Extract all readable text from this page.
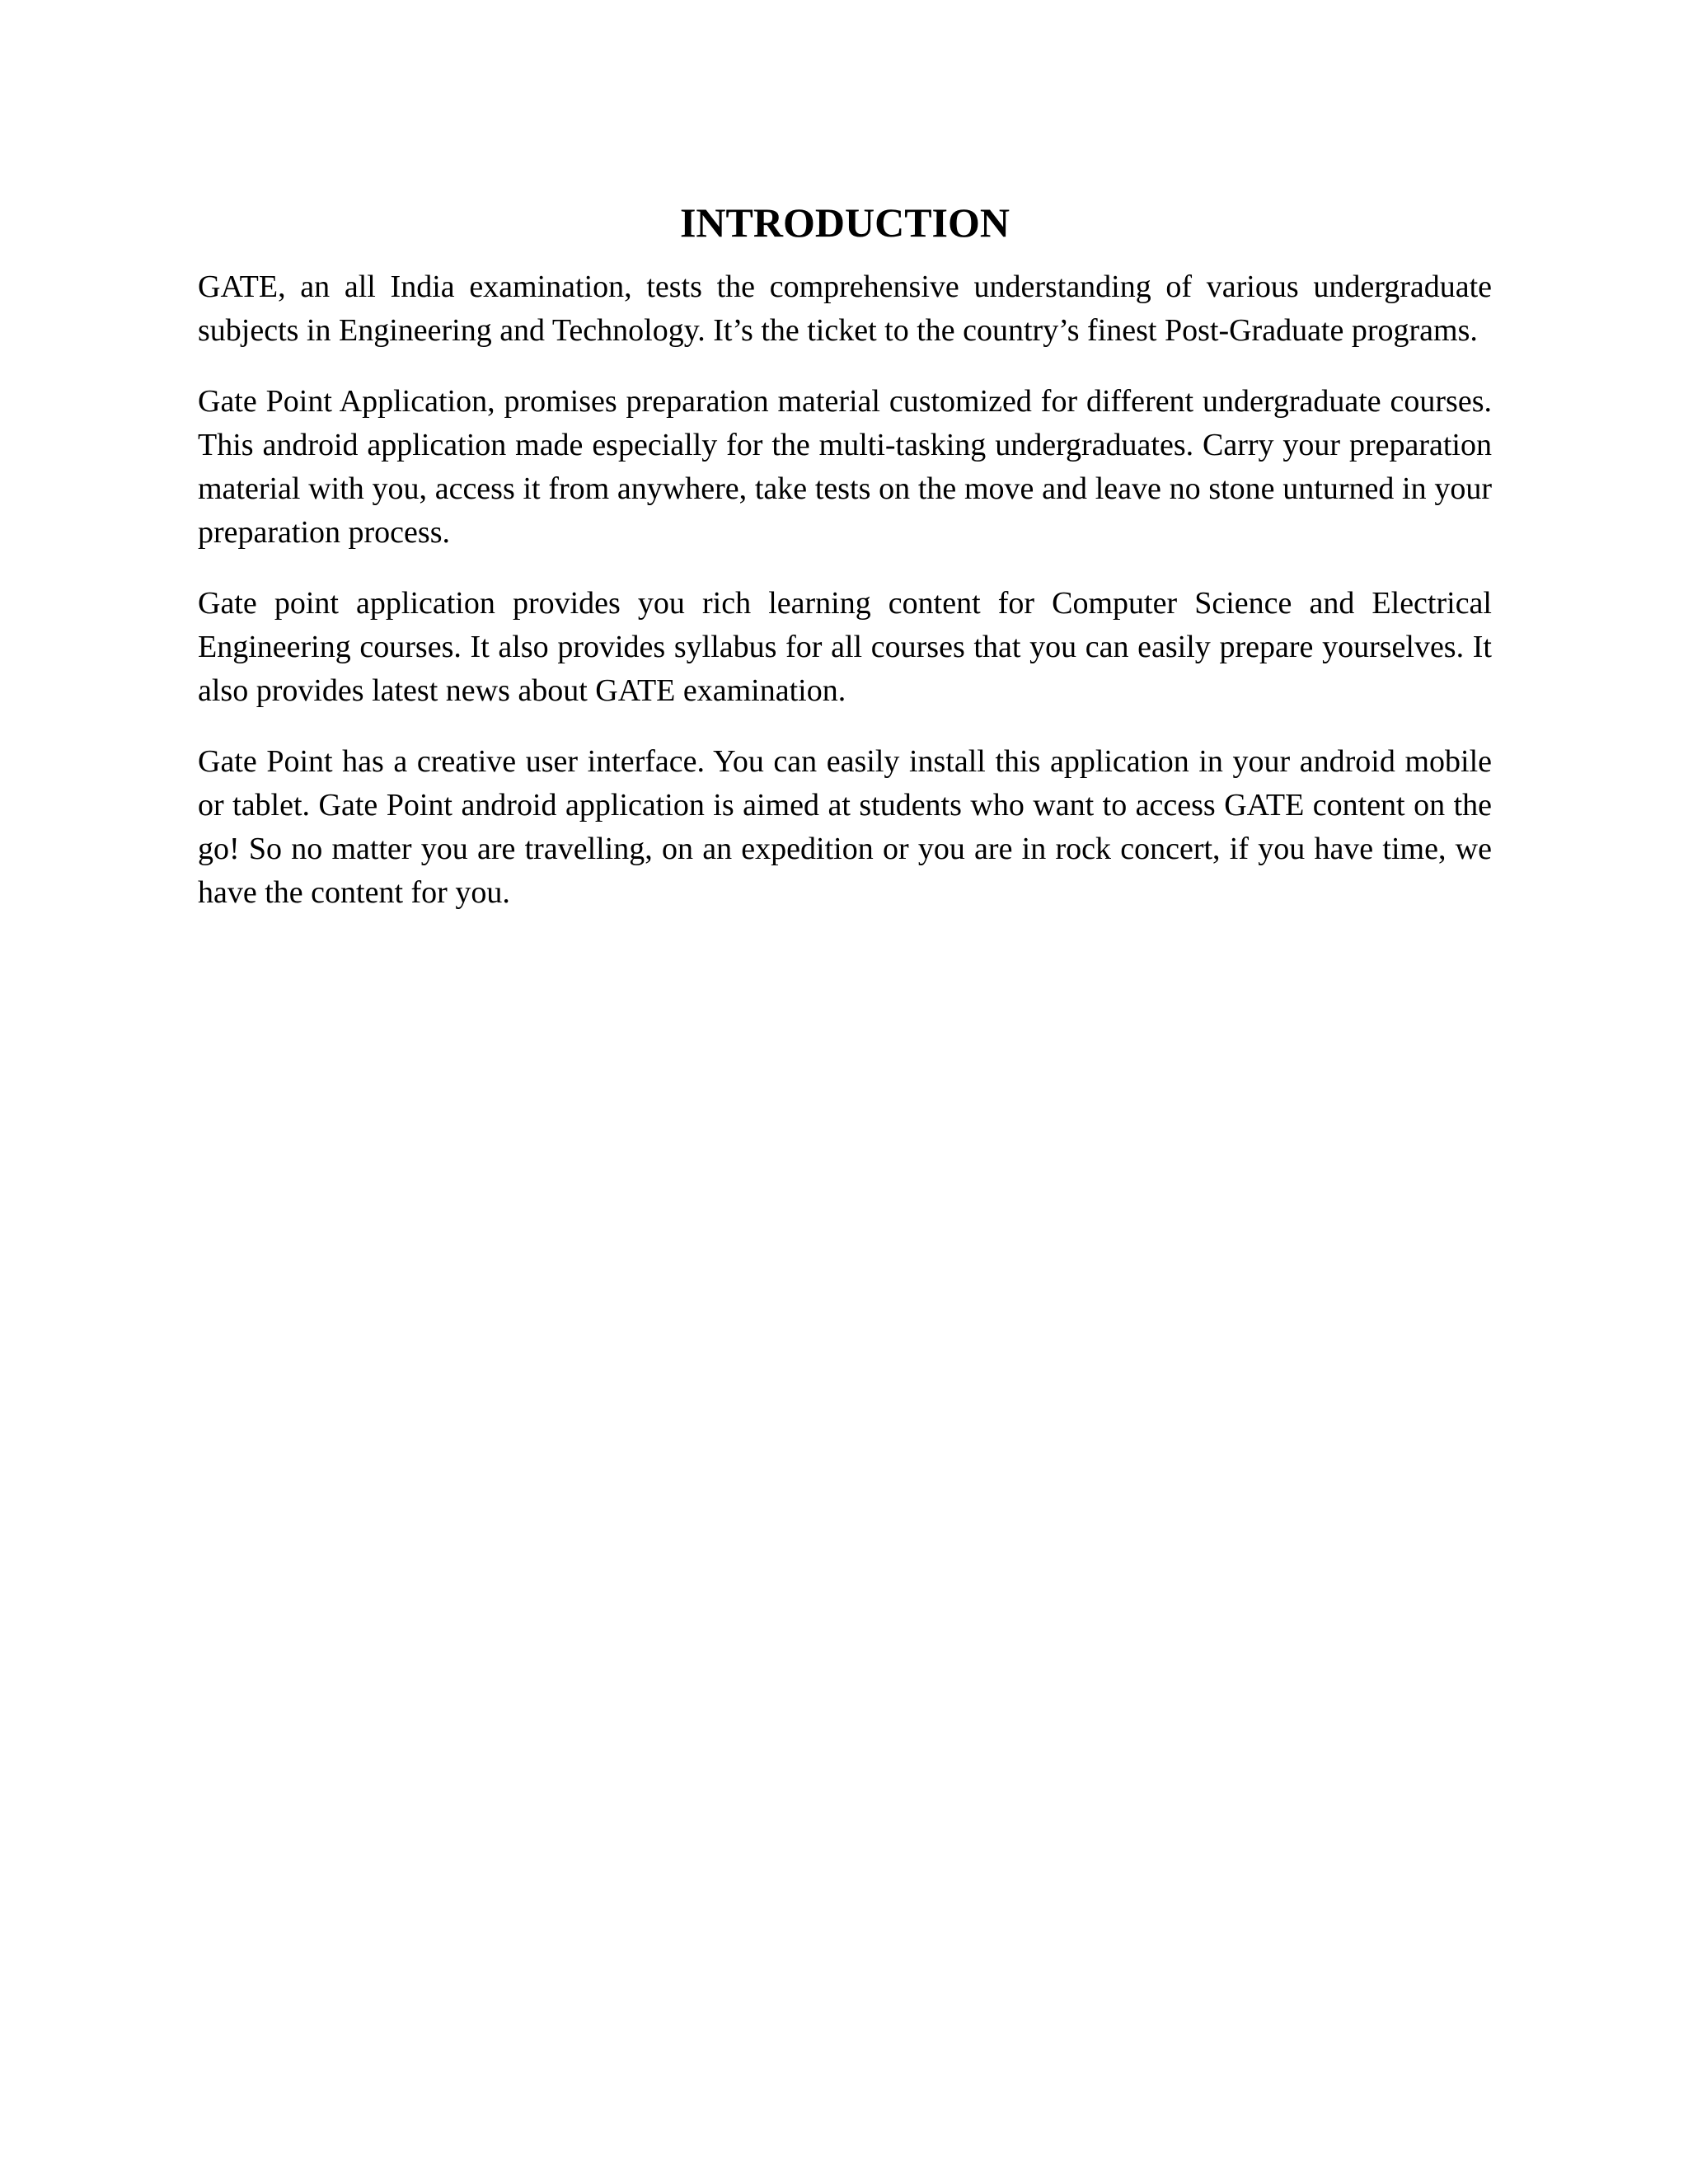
INTRODUCTION

GATE, an all India examination, tests the comprehensive understanding of various undergraduate subjects in Engineering and Technology. It’s the ticket to the country’s finest Post-Graduate programs.

Gate Point Application, promises preparation material customized for different undergraduate courses. This android application made especially for the multi-tasking undergraduates. Carry your preparation material with you, access it from anywhere, take tests on the move and leave no stone unturned in your preparation process.

Gate point application provides you rich learning content for Computer Science and Electrical Engineering courses. It also provides syllabus for all courses that you can easily prepare yourselves. It also provides latest news about GATE examination.

Gate Point has a creative user interface. You can easily install this application in your android mobile or tablet. Gate Point android application is aimed at students who want to access GATE content on the go! So no matter you are travelling, on an expedition or you are in rock concert, if you have time, we have the content for you.
